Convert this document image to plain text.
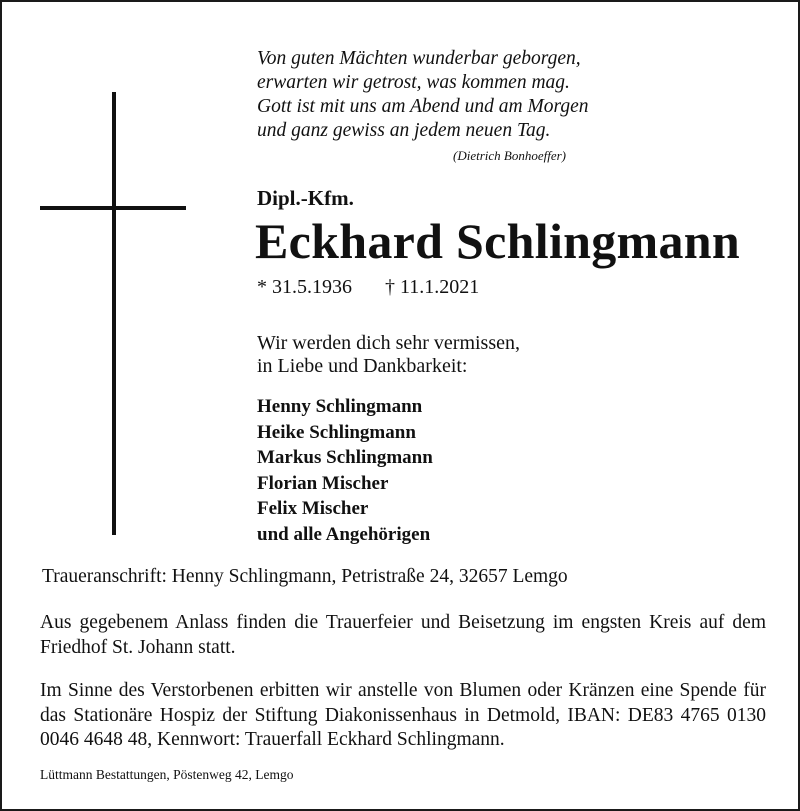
Von guten Mächten wunderbar geborgen,
erwarten wir getrost, was kommen mag.
Gott ist mit uns am Abend und am Morgen
und ganz gewiss an jedem neuen Tag.
(Dietrich Bonhoeffer)
Dipl.-Kfm.
Eckhard Schlingmann
* 31.5.1936 † 11.1.2021
Wir werden dich sehr vermissen,
in Liebe und Dankbarkeit:
Henny Schlingmann
Heike Schlingmann
Markus Schlingmann
Florian Mischer
Felix Mischer
und alle Angehörigen
Traueranschrift: Henny Schlingmann, Petristraße 24, 32657 Lemgo
Aus gegebenem Anlass finden die Trauerfeier und Beisetzung im engsten Kreis auf dem Friedhof St. Johann statt.
Im Sinne des Verstorbenen erbitten wir anstelle von Blumen oder Kränzen eine Spende für das Stationäre Hospiz der Stiftung Diakonissenhaus in Detmold, IBAN: DE83 4765 0130 0046 4648 48, Kennwort: Trauerfall Eckhard Schlingmann.
Lüttmann Bestattungen, Pöstenweg 42, Lemgo
